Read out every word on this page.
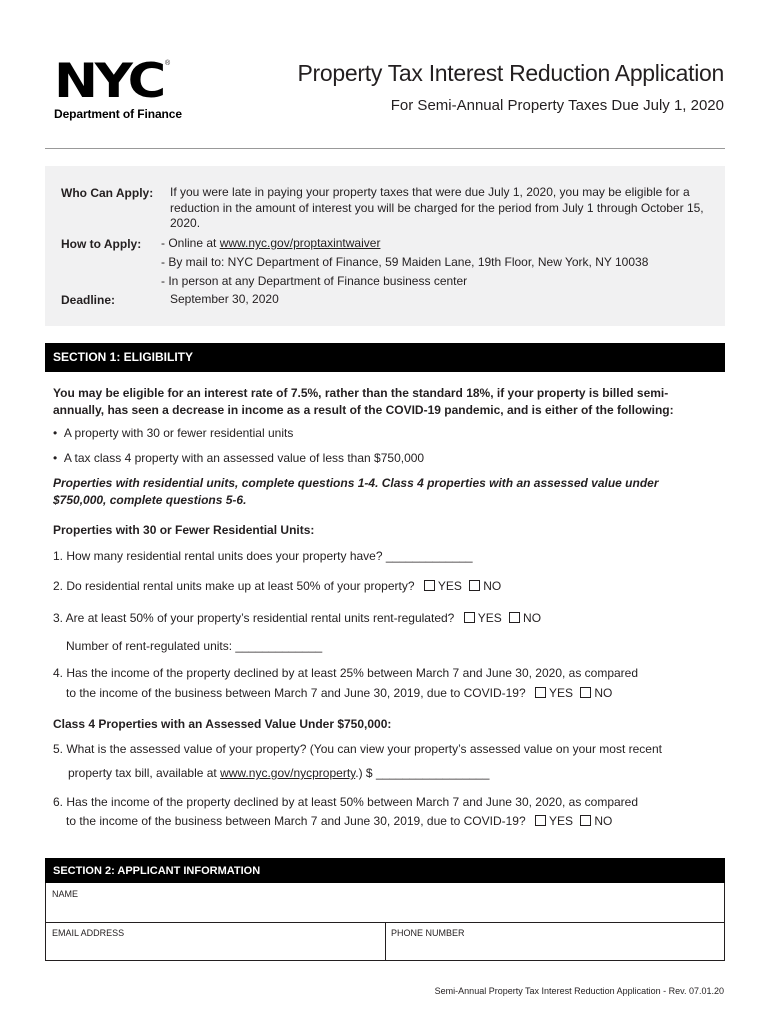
NYC ®
Department of Finance
Property Tax Interest Reduction Application
For Semi-Annual Property Taxes Due July 1, 2020
Who Can Apply: If you were late in paying your property taxes that were due July 1, 2020, you may be eligible for a reduction in the amount of interest you will be charged for the period from July 1 through October 15, 2020.
How to Apply: - Online at www.nyc.gov/proptaxintwaiver
- By mail to: NYC Department of Finance, 59 Maiden Lane, 19th Floor, New York, NY 10038
- In person at any Department of Finance business center
Deadline:	September 30, 2020
SECTION 1: ELIGIBILITY
You may be eligible for an interest rate of 7.5%, rather than the standard 18%, if your property is billed semi-annually, has seen a decrease in income as a result of the COVID-19 pandemic, and is either of the following:
•  A property with 30 or fewer residential units
•  A tax class 4 property with an assessed value of less than $750,000
Properties with residential units, complete questions 1-4. Class 4 properties with an assessed value under $750,000, complete questions 5-6.
Properties with 30 or Fewer Residential Units:
1. How many residential rental units does your property have? _____________
2. Do residential rental units make up at least 50% of your property? YES NO
3. Are at least 50% of your property’s residential rental units rent-regulated? YES NO
Number of rent-regulated units: _____________
4. Has the income of the property declined by at least 25% between March 7 and June 30, 2020, as compared
to the income of the business between March 7 and June 30, 2019, due to COVID-19? YES NO
Class 4 Properties with an Assessed Value Under $750,000:
5. What is the assessed value of your property? (You can view your property’s assessed value on your most recent
property tax bill, available at www.nyc.gov/nycproperty.) $ _________________
6. Has the income of the property declined by at least 50% between March 7 and June 30, 2020, as compared
to the income of the business between March 7 and June 30, 2019, due to COVID-19? YES NO
SECTION 2: APPLICANT INFORMATION
NAME
EMAIL ADDRESS	PHONE NUMBER
Semi-Annual Property Tax Interest Reduction Application - Rev. 07.01.20
